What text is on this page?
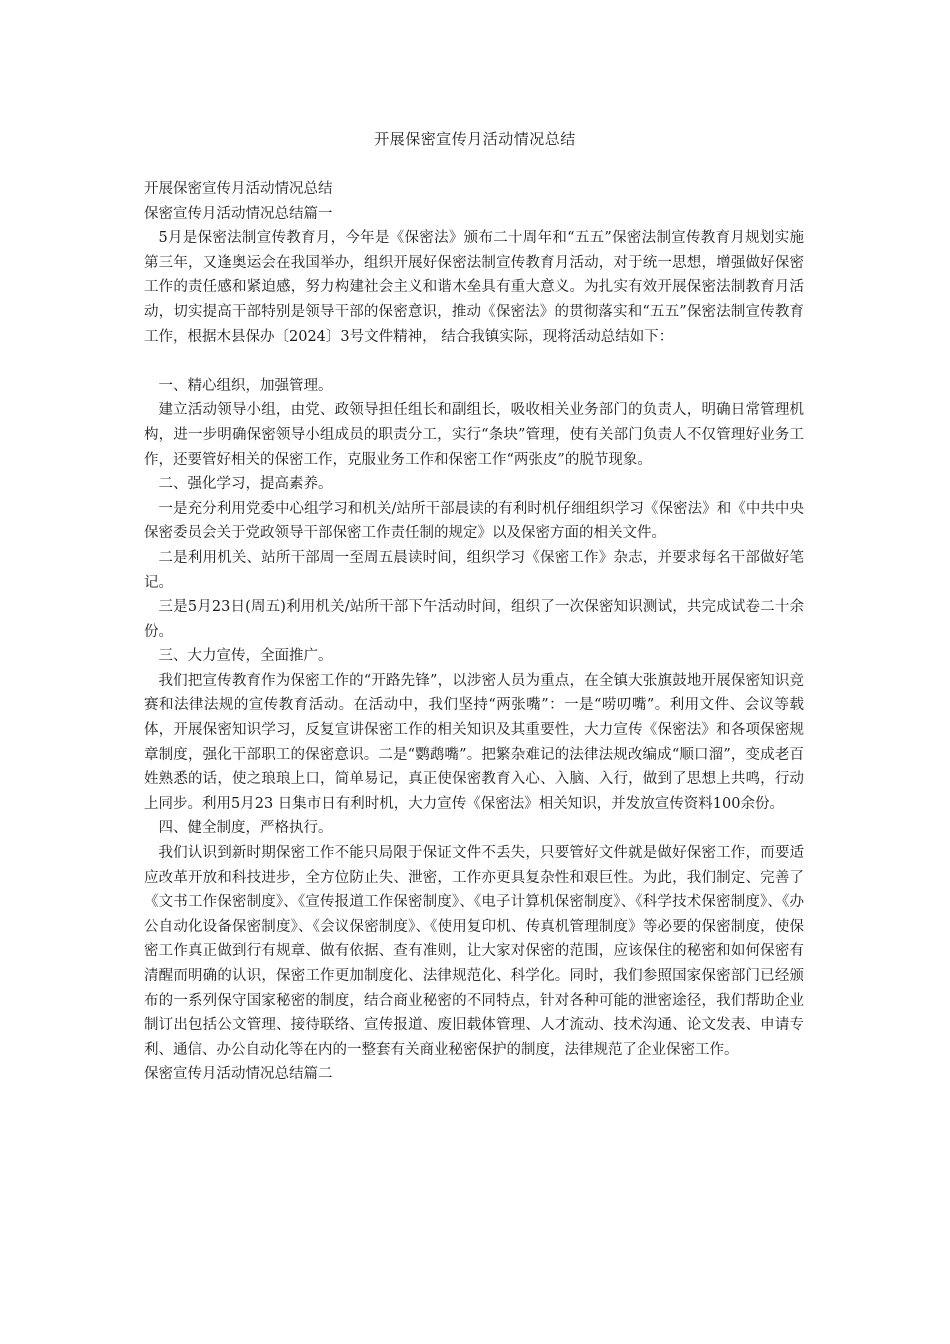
开展保密宣传月活动情况总结

开展保密宣传月活动情况总结

保密宣传月活动情况总结篇一

5月是保密法制宣传教育月，今年是《保密法》颁布二十周年和“五五”保密法制宣传教育月规划实施第三年，又逢奥运会在我国举办，组织开展好保密法制宣传教育月活动，对于统一思想，增强做好保密工作的责任感和紧迫感，努力构建社会主义和谐木垒具有重大意义。为扎实有效开展保密法制教育月活动，切实提高干部特别是领导干部的保密意识，推动《保密法》的贯彻落实和“五五”保密法制宣传教育工作，根据木县保办〔2024〕3号文件精神， 结合我镇实际，现将活动总结如下：

一、精心组织，加强管理。

建立活动领导小组，由党、政领导担任组长和副组长，吸收相关业务部门的负责人，明确日常管理机构，进一步明确保密领导小组成员的职责分工，实行“条块”管理，使有关部门负责人不仅管理好业务工作，还要管好相关的保密工作，克服业务工作和保密工作“两张皮”的脱节现象。

二、强化学习，提高素养。

一是充分利用党委中心组学习和机关/站所干部晨读的有利时机仔细组织学习《保密法》和《中共中央保密委员会关于党政领导干部保密工作责任制的规定》以及保密方面的相关文件。

二是利用机关、站所干部周一至周五晨读时间，组织学习《保密工作》杂志，并要求每名干部做好笔记。

三是5月23日(周五)利用机关/站所干部下午活动时间，组织了一次保密知识测试，共完成试卷二十余份。

三、大力宣传，全面推广。

我们把宣传教育作为保密工作的“开路先锋”，以涉密人员为重点，在全镇大张旗鼓地开展保密知识竞赛和法律法规的宣传教育活动。在活动中，我们坚持“两张嘴”：一是“唠叨嘴”。利用文件、会议等载体，开展保密知识学习，反复宣讲保密工作的相关知识及其重要性，大力宣传《保密法》和各项保密规章制度，强化干部职工的保密意识。二是“鹦鹉嘴”。把繁杂难记的法律法规改编成“顺口溜”，变成老百姓熟悉的话，使之琅琅上口，简单易记，真正使保密教育入心、入脑、入行，做到了思想上共鸣，行动上同步。利用5月23 日集市日有利时机，大力宣传《保密法》相关知识，并发放宣传资料100余份。

四、健全制度，严格执行。

我们认识到新时期保密工作不能只局限于保证文件不丢失，只要管好文件就是做好保密工作，而要适应改革开放和科技进步，全方位防止失、泄密，工作亦更具复杂性和艰巨性。为此，我们制定、完善了《文书工作保密制度》、《宣传报道工作保密制度》、《电子计算机保密制度》、《科学技术保密制度》、《办公自动化设备保密制度》、《会议保密制度》、《使用复印机、传真机管理制度》等必要的保密制度，使保密工作真正做到行有规章、做有依据、查有准则，让大家对保密的范围，应该保住的秘密和如何保密有清醒而明确的认识，保密工作更加制度化、法律规范化、科学化。同时，我们参照国家保密部门已经颁布的一系列保守国家秘密的制度，结合商业秘密的不同特点，针对各种可能的泄密途径，我们帮助企业制订出包括公文管理、接待联络、宣传报道、废旧载体管理、人才流动、技术沟通、论文发表、申请专利、通信、办公自动化等在内的一整套有关商业秘密保护的制度，法律规范了企业保密工作。

保密宣传月活动情况总结篇二
